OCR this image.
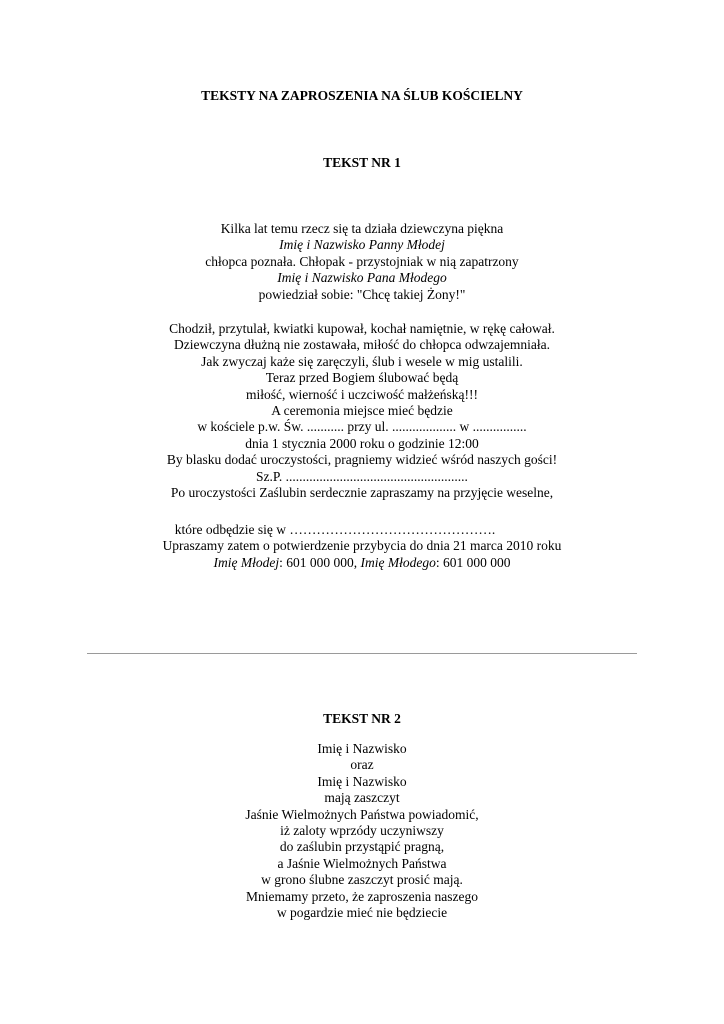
TEKSTY NA ZAPROSZENIA NA ŚLUB KOŚCIELNY
TEKST NR 1
Kilka lat temu rzecz się ta działa dziewczyna piękna
Imię i Nazwisko Panny Młodej
chłopca poznała. Chłopak - przystojniak w nią zapatrzony
Imię i Nazwisko Pana Młodego
powiedział sobie: "Chcę takiej Żony!"
Chodził, przytulał, kwiatki kupował, kochał namiętnie, w rękę całował.
Dziewczyna dłużną nie zostawała, miłość do chłopca odwzajemniała.
Jak zwyczaj każe się zaręczyli, ślub i wesele w mig ustalili.
Teraz przed Bogiem ślubować będą
miłość, wierność i uczciwość małżeńską!!!
A ceremonia miejsce mieć będzie
w kościele p.w. Św. ........... przy ul. ................... w ................
dnia 1 stycznia 2000 roku o godzinie 12:00
By blasku dodać uroczystości, pragniemy widzieć wśród naszych gości!
Sz.P. ......................................................
Po uroczystości Zaślubin serdecznie zapraszamy na przyjęcie weselne,
które odbędzie się w ……………………………………….
Upraszamy zatem o potwierdzenie przybycia do dnia 21 marca 2010 roku
Imię Młodej: 601 000 000, Imię Młodego: 601 000 000
TEKST NR 2
Imię i Nazwisko
oraz
Imię i Nazwisko
mają zaszczyt
Jaśnie Wielmożnych Państwa powiadomić,
iż zaloty wprzódy uczyniwszy
do zaślubin przystąpić pragną,
a Jaśnie Wielmożnych Państwa
w grono ślubne zaszczyt prosić mają.
Mniemamy przeto, że zaproszenia naszego
w pogardzie mieć nie będziecie
